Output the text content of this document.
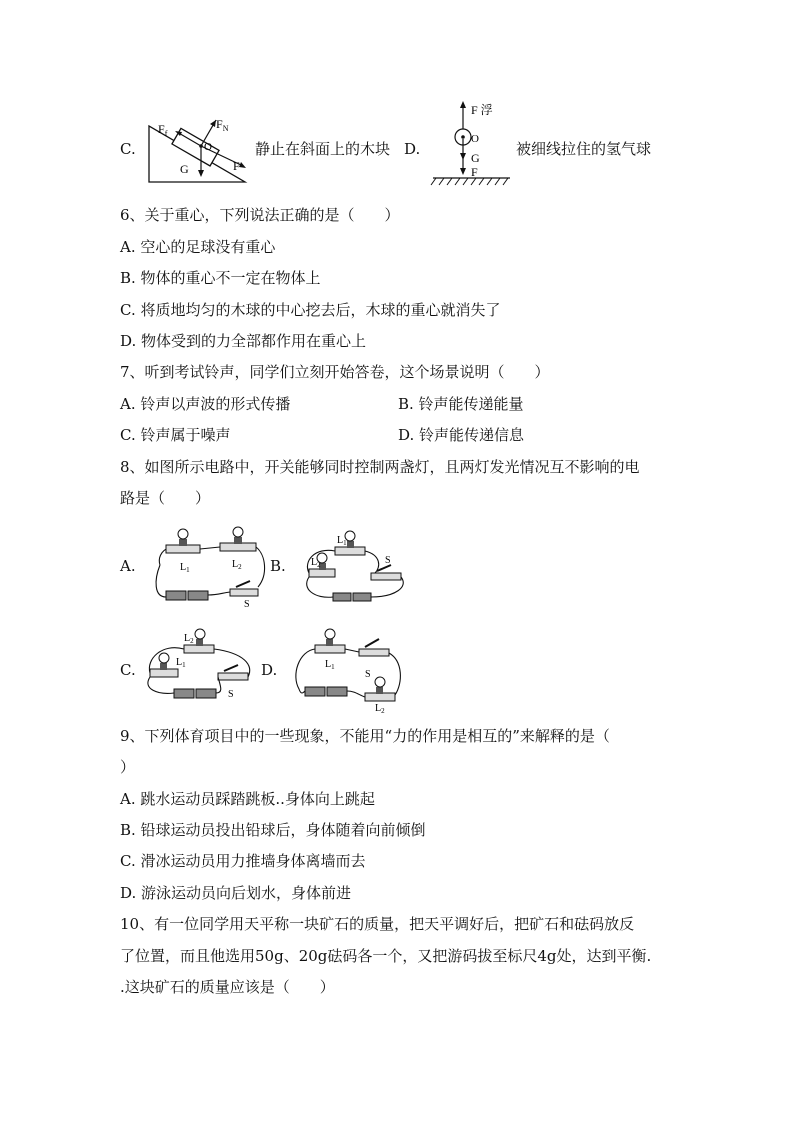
C.
$F_f$
$F_N$
O
G	F
静止在斜面上的木块 D.
F 浮
O
G
F
被细线拉住的氢气球
6、关于重心，下列说法正确的是（　　）
A. 空心的足球没有重心
B. 物体的重心不一定在物体上
C. 将质地均匀的木球的中心挖去后，木球的重心就消失了
D. 物体受到的力全部都作用在重心上
7、听到考试铃声，同学们立刻开始答卷，这个场景说明（　　）
A. 铃声以声波的形式传播	B. 铃声能传递能量
C. 铃声属于噪声	D. 铃声能传递信息
8、如图所示电路中，开关能够同时控制两盏灯，且两灯发光情况互不影响的电
路是（　　）
A.	$L_1$	$L_2$
S
B.
$L_1$
$L_2$	S
C.
$L_2$
$L_1$
S
D.	$L_1$
S
$L_2$
9、下列体育项目中的一些现象，不能用“力的作用是相互的”来解释的是（
）
A. 跳水运动员踩踏跳板..身体向上跳起
B. 铅球运动员投出铅球后，身体随着向前倾倒
C. 滑冰运动员用力推墙身体离墙而去
D. 游泳运动员向后划水，身体前进
10、有一位同学用天平称一块矿石的质量，把天平调好后，把矿石和砝码放反
了位置，而且他选用50g、20g砝码各一个，又把游码拔至标尺4g处，达到平衡.
.这块矿石的质量应该是（　　）
